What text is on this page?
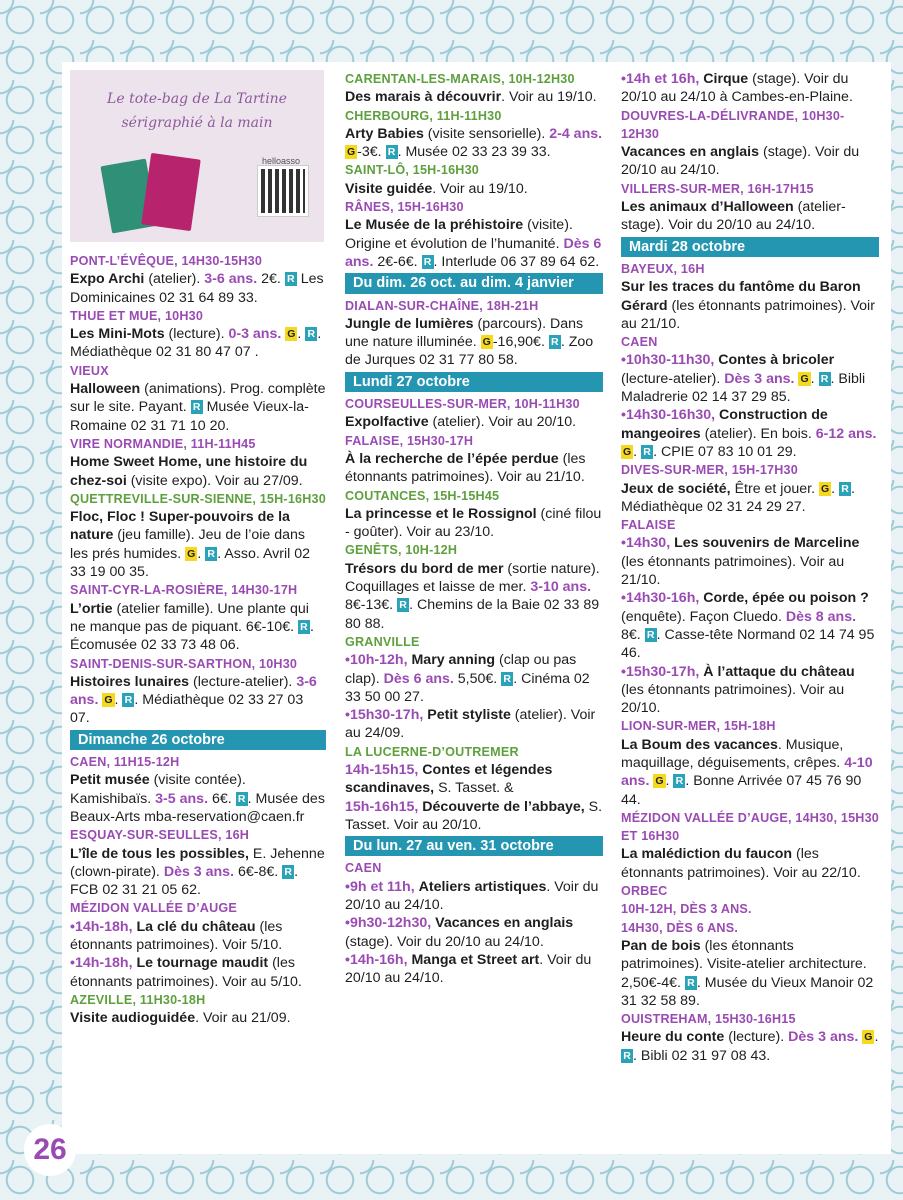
Le tote-bag de La Tartine
sérigraphié à la main
helloasso
PONT-L’ÉVÊQUE, 14H30-15H30
Expo Archi (atelier). 3-6 ans. 2€. R Les Dominicaines 02 31 64 89 33.
THUE ET MUE, 10H30
Les Mini-Mots (lecture). 0-3 ans. G . R . Médiathèque 02 31 80 47 07 .
VIEUX
Halloween (animations). Prog. complète sur le site. Payant. R Musée Vieux-la-Romaine 02 31 71 10 20.
VIRE NORMANDIE, 11H-11H45
Home Sweet Home, une histoire du chez-soi (visite expo). Voir au 27/09.
QUETTREVILLE-SUR-SIENNE, 15H-16H30
Floc, Floc ! Super-pouvoirs de la nature (jeu famille). Jeu de l’oie dans les prés humides. G . R . Asso. Avril 02 33 19 00 35.
SAINT-CYR-LA-ROSIÈRE, 14H30-17H
L’ortie (atelier famille). Une plante qui ne manque pas de piquant. 6€-10€. R . Écomusée 02 33 73 48 06.
SAINT-DENIS-SUR-SARTHON, 10H30
Histoires lunaires (lecture-atelier). 3-6 ans. G . R . Médiathèque 02 33 27 03 07.
Dimanche 26 octobre
CAEN, 11H15-12H
Petit musée (visite contée). Kamishibaïs. 3-5 ans. 6€. R . Musée des Beaux-Arts mba-reservation@caen.fr
ESQUAY-SUR-SEULLES, 16H
L’île de tous les possibles, E. Jehenne (clown-pirate). Dès 3 ans. 6€-8€. R . FCB 02 31 21 05 62.
MÉZIDON VALLÉE D’AUGE
•14h-18h, La clé du château (les étonnants patrimoines). Voir 5/10.
•14h-18h, Le tournage maudit (les étonnants patrimoines). Voir au 5/10.
AZEVILLE, 11H30-18H
Visite audioguidée. Voir au 21/09.
CARENTAN-LES-MARAIS, 10H-12H30
Des marais à découvrir. Voir au 19/10.
CHERBOURG, 11H-11H30
Arty Babies (visite sensorielle). 2-4 ans. G -3€. R . Musée 02 33 23 39 33.
SAINT-LÔ, 15H-16H30
Visite guidée. Voir au 19/10.
RÂNES, 15H-16H30
Le Musée de la préhistoire (visite). Origine et évolution de l’humanité. Dès 6 ans. 2€-6€. R . Interlude 06 37 89 64 62.
Du dim. 26 oct. au dim. 4 janvier
DIALAN-SUR-CHAÎNE, 18H-21H
Jungle de lumières (parcours). Dans une nature illuminée. G -16,90€. R . Zoo de Jurques 02 31 77 80 58.
Lundi 27 octobre
COURSEULLES-SUR-MER, 10H-11H30
Expolfactive (atelier). Voir au 20/10.
FALAISE, 15H30-17H
À la recherche de l’épée perdue (les étonnants patrimoines). Voir au 21/10.
COUTANCES, 15H-15H45
La princesse et le Rossignol (ciné filou - goûter). Voir au 23/10.
GENÊTS, 10H-12H
Trésors du bord de mer (sortie nature). Coquillages et laisse de mer. 3-10 ans. 8€-13€. R . Chemins de la Baie 02 33 89 80 88.
GRANVILLE
•10h-12h, Mary anning (clap ou pas clap). Dès 6 ans. 5,50€. R . Cinéma 02 33 50 00 27.
•15h30-17h, Petit styliste (atelier). Voir au 24/09.
LA LUCERNE-D’OUTREMER
14h-15h15, Contes et légendes scandinaves, S. Tasset. &
15h-16h15, Découverte de l’abbaye, S. Tasset. Voir au 20/10.
Du lun. 27 au ven. 31 octobre
CAEN
•9h et 11h, Ateliers artistiques. Voir du 20/10 au 24/10.
•9h30-12h30, Vacances en anglais (stage). Voir du 20/10 au 24/10.
•14h-16h, Manga et Street art. Voir du 20/10 au 24/10.
•14h et 16h, Cirque (stage). Voir du 20/10 au 24/10 à Cambes-en-Plaine.
DOUVRES-LA-DÉLIVRANDE, 10H30-12H30
Vacances en anglais (stage). Voir du 20/10 au 24/10.
VILLERS-SUR-MER, 16H-17H15
Les animaux d’Halloween (atelier-stage). Voir du 20/10 au 24/10.
Mardi 28 octobre
BAYEUX, 16H
Sur les traces du fantôme du Baron Gérard (les étonnants patrimoines). Voir au 21/10.
CAEN
•10h30-11h30, Contes à bricoler (lecture-atelier). Dès 3 ans. G . R . Bibli Maladrerie 02 14 37 29 85.
•14h30-16h30, Construction de mangeoires (atelier). En bois. 6-12 ans. G . R . CPIE 07 83 10 01 29.
DIVES-SUR-MER, 15H-17H30
Jeux de société, Être et jouer. G . R . Médiathèque 02 31 24 29 27.
FALAISE
•14h30, Les souvenirs de Marceline (les étonnants patrimoines). Voir au 21/10.
•14h30-16h, Corde, épée ou poison ? (enquête). Façon Cluedo. Dès 8 ans. 8€. R . Casse-tête Normand 02 14 74 95 46.
•15h30-17h, À l’attaque du château (les étonnants patrimoines). Voir au 20/10.
LION-SUR-MER, 15H-18H
La Boum des vacances. Musique, maquillage, déguisements, crêpes. 4-10 ans. G . R . Bonne Arrivée 07 45 76 90 44.
MÉZIDON VALLÉE D’AUGE, 14H30, 15H30 ET 16H30
La malédiction du faucon (les étonnants patrimoines). Voir au 22/10.
ORBEC
10H-12H, DÈS 3 ANS.
14H30, DÈS 6 ANS.
Pan de bois (les étonnants patrimoines). Visite-atelier architecture. 2,50€-4€. R . Musée du Vieux Manoir 02 31 32 58 89.
OUISTREHAM, 15H30-16H15
Heure du conte (lecture). Dès 3 ans. G . R . Bibli 02 31 97 08 43.
26
